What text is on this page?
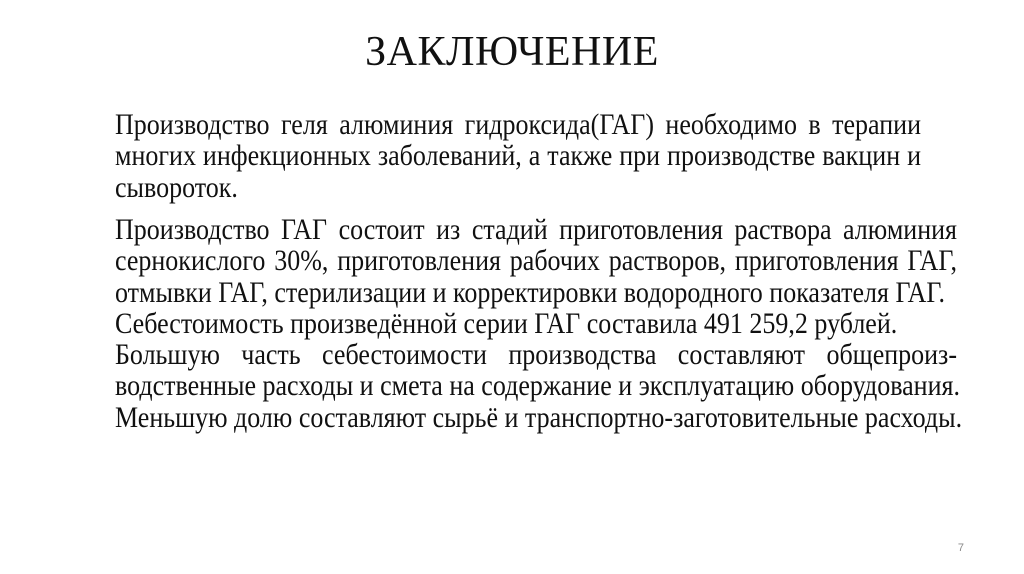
ЗАКЛЮЧЕНИЕ
Производство геля алюминия гидроксида(ГАГ) необходимо в терапии
многих инфекционных заболеваний, а также при производстве вакцин и
сывороток.
Производство ГАГ состоит из стадий приготовления раствора алюминия
сернокислого 30%, приготовления рабочих растворов, приготовления ГАГ,
отмывки ГАГ, стерилизации и корректировки водородного показателя ГАГ.
Себестоимость произведённой серии ГАГ составила 491 259,2 рублей.
Большую часть себестоимости производства составляют общепроиз-
водственные расходы и смета на содержание и эксплуатацию оборудования.
Меньшую долю составляют сырьё и транспортно-заготовительные расходы.
7
